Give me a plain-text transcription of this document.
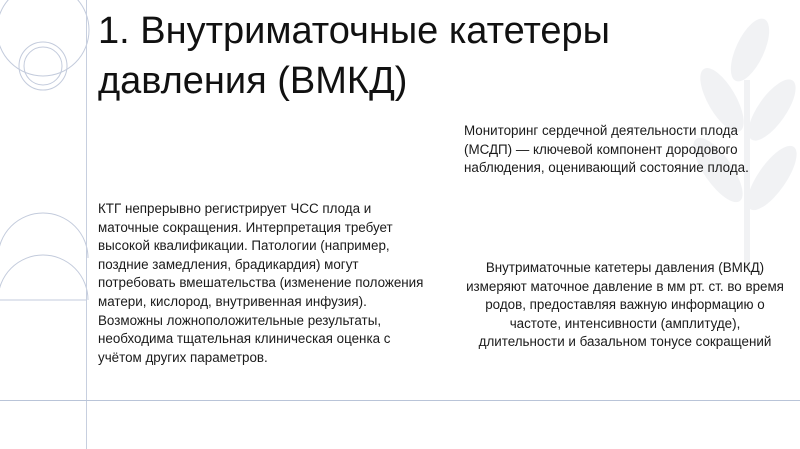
1. Внутриматочные катетеры давления (ВМКД)

Мониторинг сердечной деятельности плода (МСДП) — ключевой компонент дородового наблюдения, оценивающий состояние плода.

КТГ непрерывно регистрирует ЧСС плода и маточные сокращения. Интерпретация требует высокой квалификации. Патологии (например, поздние замедления, брадикардия) могут потребовать вмешательства (изменение положения матери, кислород, внутривенная инфузия). Возможны ложноположительные результаты, необходима тщательная клиническая оценка с учётом других параметров.

Внутриматочные катетеры давления (ВМКД) измеряют маточное давление в мм рт. ст. во время родов, предоставляя важную информацию о частоте, интенсивности (амплитуде), длительности и базальном тонусе сокращений
